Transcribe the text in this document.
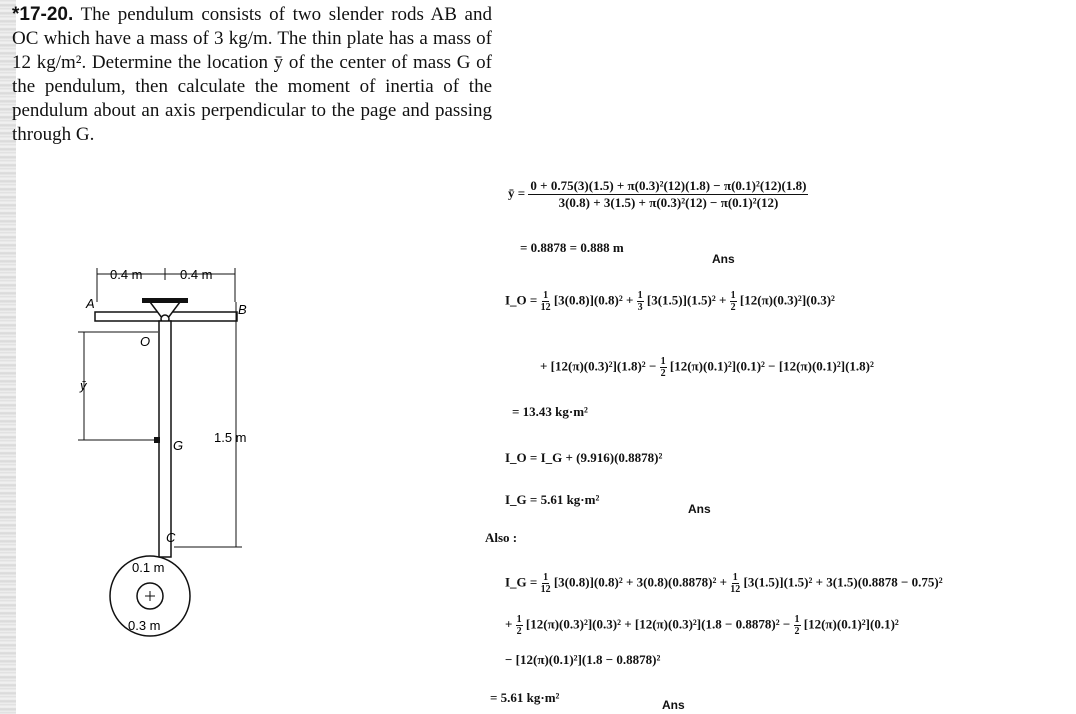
*17-20. The pendulum consists of two slender rods AB and OC which have a mass of 3 kg/m. The thin plate has a mass of 12 kg/m². Determine the location ȳ of the center of mass G of the pendulum, then calculate the moment of inertia of the pendulum about an axis perpendicular to the page and passing through G.
0.4 m	0.4 m
A	B
O
ȳ
G
1.5 m
C
0.1 m
0.3 m
ȳ = $\frac{\text{0 + 0.75(3)(1.5) + π(0.3)²(12)(1.8) − π(0.1)²(12)(1.8)}}{\text{3(0.8) + 3(1.5) + π(0.3)²(12) − π(0.1)²(12)}}$
= 0.8878 = 0.888 m
Ans
I_O = $\frac{1}{12} [3(0.8)](0.8)^2 + \frac{1}{3} [3(1.5)](1.5)^2 + \frac{1}{2} [12(\pi)(0.3)^2](0.3)^2$
+ $[12(\pi)(0.3)^2](1.8)^2 - \frac{1}{2} [12(\pi)(0.1)^2](0.1)^2 - [12(\pi)(0.1)^2](1.8)^2$
= 13.43 kg·m²
I_O = I_G + (9.916)(0.8878)²
I_G = 5.61 kg·m²
Ans
Also :
I_G = $\frac{1}{12} [3(0.8)](0.8)^2 + 3(0.8)(0.8878)^2 + \frac{1}{12} [3(1.5)](1.5)^2 + 3(1.5)(0.8878 - 0.75)^2$
+ $\frac{1}{2} [12(\pi)(0.3)^2](0.3)^2 + [12(\pi)(0.3)^2](1.8 - 0.8878)^2 - \frac{1}{2} [12(\pi)(0.1)^2](0.1)^2$
− [12(π)(0.1)²](1.8 − 0.8878)²
= 5.61 kg·m²	Ans
